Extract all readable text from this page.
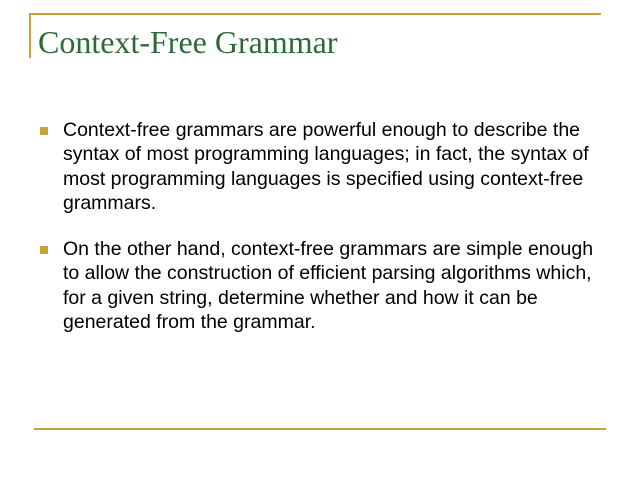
Context-Free Grammar
Context-free grammars are powerful enough to describe the syntax of most programming languages; in fact, the syntax of most programming languages is specified using context-free grammars.
On the other hand, context-free grammars are simple enough to allow the construction of efficient parsing algorithms which, for a given string, determine whether and how it can be generated from the grammar.
